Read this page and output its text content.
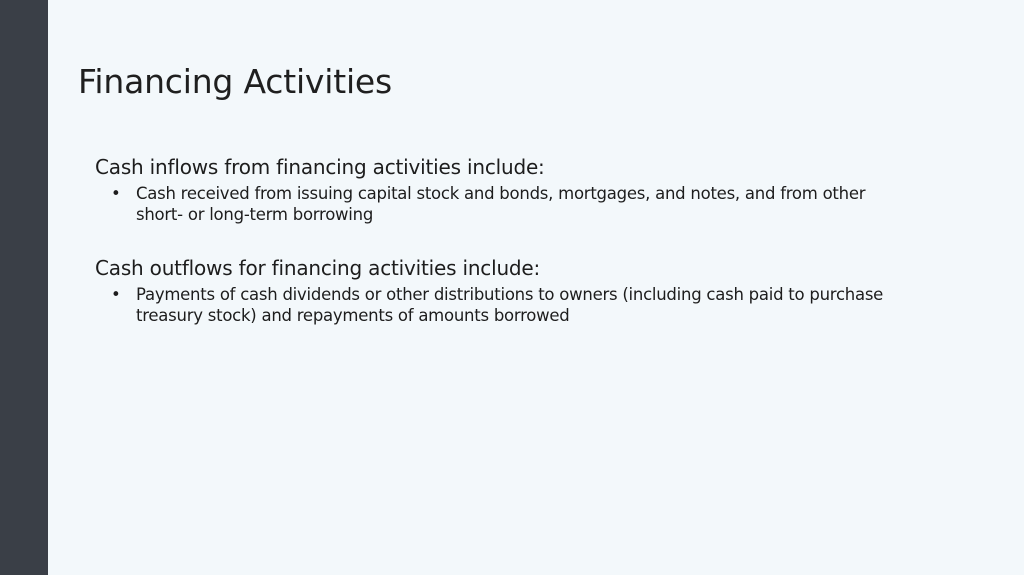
Financing Activities
Cash inflows from financing activities include:
• Cash received from issuing capital stock and bonds, mortgages, and notes, and from other short- or long-term borrowing
Cash outflows for financing activities include:
• Payments of cash dividends or other distributions to owners (including cash paid to purchase treasury stock) and repayments of amounts borrowed
